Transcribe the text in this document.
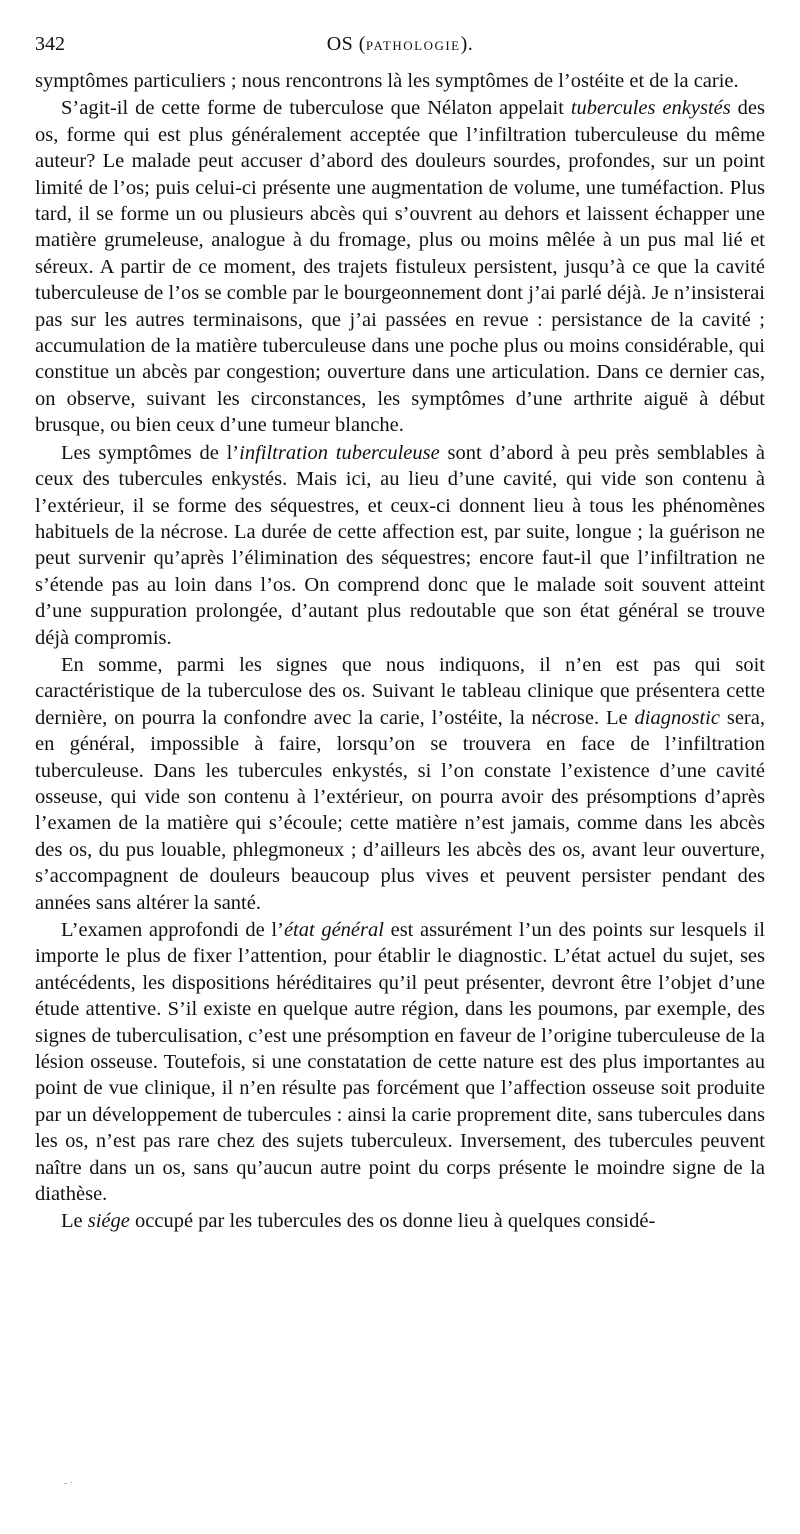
342	OS (PATHOLOGIE).

symptômes particuliers ; nous rencontrons là les symptômes de l’ostéite et de la carie.

S’agit-il de cette forme de tuberculose que Nélaton appelait tubercules enkystés des os, forme qui est plus généralement acceptée que l’infiltration tuberculeuse du même auteur? Le malade peut accuser d’abord des douleurs sourdes, profondes, sur un point limité de l’os; puis celui-ci présente une augmentation de volume, une tuméfaction. Plus tard, il se forme un ou plusieurs abcès qui s’ouvrent au dehors et laissent échapper une matière grumeleuse, analogue à du fromage, plus ou moins mêlée à un pus mal lié et séreux. A partir de ce moment, des trajets fistuleux persistent, jusqu’à ce que la cavité tuberculeuse de l’os se comble par le bourgeonnement dont j’ai parlé déjà. Je n’insisterai pas sur les autres terminaisons, que j’ai passées en revue : persistance de la cavité ; accumulation de la matière tuberculeuse dans une poche plus ou moins considérable, qui constitue un abcès par congestion; ouverture dans une articulation. Dans ce dernier cas, on observe, suivant les circonstances, les symptômes d’une arthrite aiguë à début brusque, ou bien ceux d’une tumeur blanche.

Les symptômes de l’infiltration tuberculeuse sont d’abord à peu près semblables à ceux des tubercules enkystés. Mais ici, au lieu d’une cavité, qui vide son contenu à l’extérieur, il se forme des séquestres, et ceux-ci donnent lieu à tous les phénomènes habituels de la nécrose. La durée de cette affection est, par suite, longue ; la guérison ne peut survenir qu’après l’élimination des séquestres; encore faut-il que l’infiltration ne s’étende pas au loin dans l’os. On comprend donc que le malade soit souvent atteint d’une suppuration prolongée, d’autant plus redoutable que son état général se trouve déjà compromis.

En somme, parmi les signes que nous indiquons, il n’en est pas qui soit caractéristique de la tuberculose des os. Suivant le tableau clinique que présentera cette dernière, on pourra la confondre avec la carie, l’ostéite, la nécrose. Le diagnostic sera, en général, impossible à faire, lorsqu’on se trouvera en face de l’infiltration tuberculeuse. Dans les tubercules enkystés, si l’on constate l’existence d’une cavité osseuse, qui vide son contenu à l’extérieur, on pourra avoir des présomptions d’après l’examen de la matière qui s’écoule; cette matière n’est jamais, comme dans les abcès des os, du pus louable, phlegmoneux ; d’ailleurs les abcès des os, avant leur ouverture, s’accompagnent de douleurs beaucoup plus vives et peuvent persister pendant des années sans altérer la santé.

L’examen approfondi de l’état général est assurément l’un des points sur lesquels il importe le plus de fixer l’attention, pour établir le diagnostic. L’état actuel du sujet, ses antécédents, les dispositions héréditaires qu’il peut présenter, devront être l’objet d’une étude attentive. S’il existe en quelque autre région, dans les poumons, par exemple, des signes de tuberculisation, c’est une présomption en faveur de l’origine tuberculeuse de la lésion osseuse. Toutefois, si une constatation de cette nature est des plus importantes au point de vue clinique, il n’en résulte pas forcément que l’affection osseuse soit produite par un développement de tubercules : ainsi la carie proprement dite, sans tubercules dans les os, n’est pas rare chez des sujets tuberculeux. Inversement, des tubercules peuvent naître dans un os, sans qu’aucun autre point du corps présente le moindre signe de la diathèse.

Le siége occupé par les tubercules des os donne lieu à quelques considé-

- ·
